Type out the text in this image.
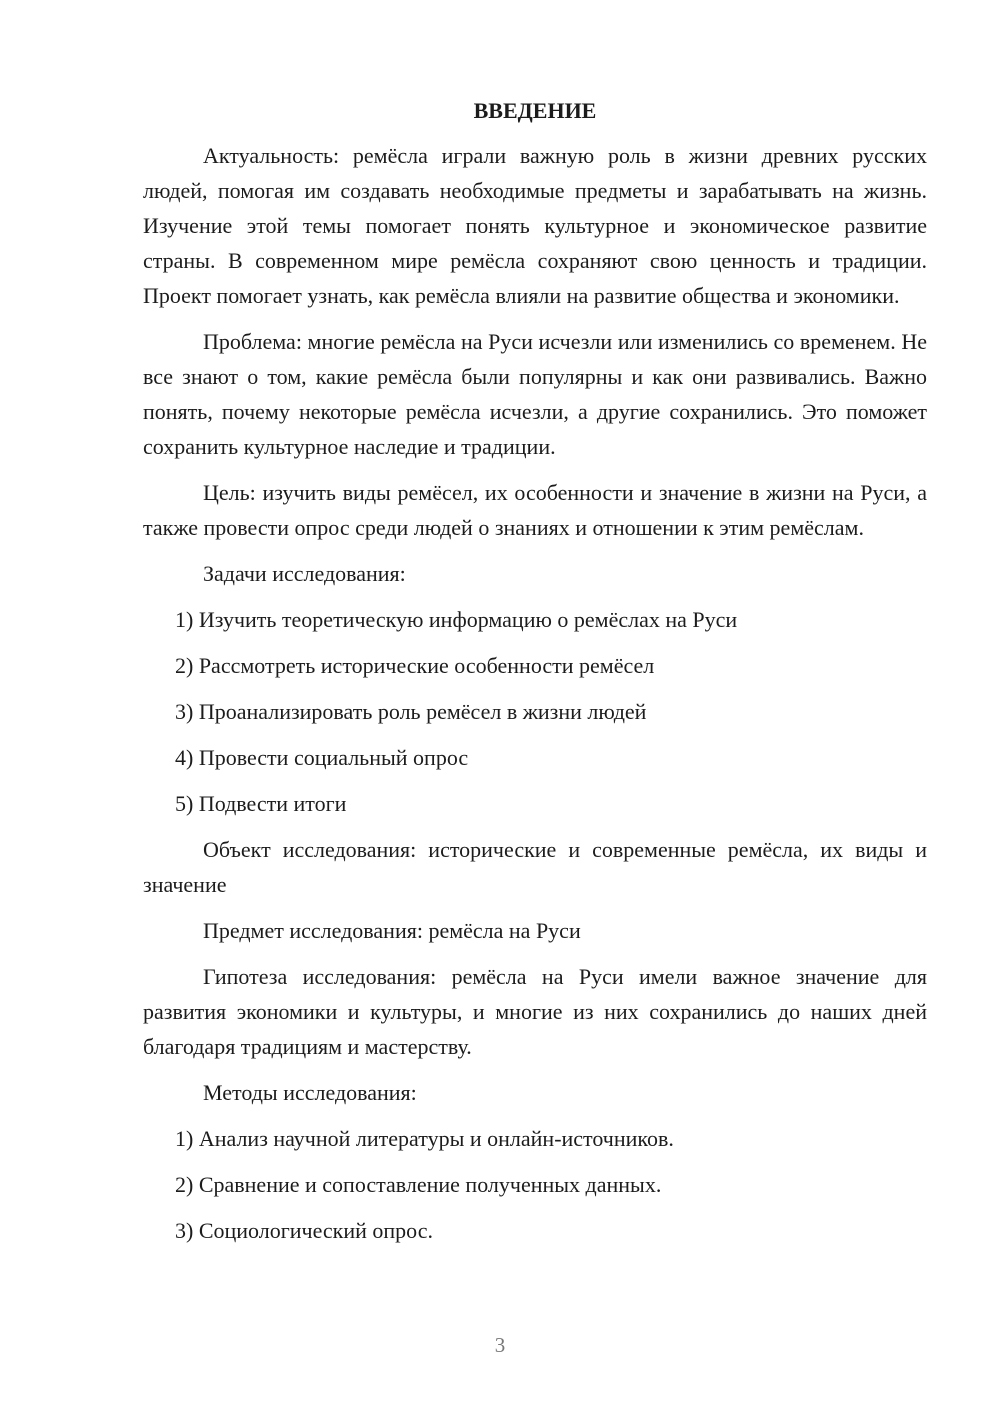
ВВЕДЕНИЕ

Актуальность: ремёсла играли важную роль в жизни древних русских людей, помогая им создавать необходимые предметы и зарабатывать на жизнь. Изучение этой темы помогает понять культурное и экономическое развитие страны. В современном мире ремёсла сохраняют свою ценность и традиции. Проект помогает узнать, как ремёсла влияли на развитие общества и экономики.

Проблема: многие ремёсла на Руси исчезли или изменились со временем. Не все знают о том, какие ремёсла были популярны и как они развивались. Важно понять, почему некоторые ремёсла исчезли, а другие сохранились. Это поможет сохранить культурное наследие и традиции.

Цель: изучить виды ремёсел, их особенности и значение в жизни на Руси, а также провести опрос среди людей о знаниях и отношении к этим ремёслам.

Задачи исследования:

1) Изучить теоретическую информацию о ремёслах на Руси
2) Рассмотреть исторические особенности ремёсел
3) Проанализировать роль ремёсел в жизни людей
4) Провести социальный опрос
5) Подвести итоги

Объект исследования: исторические и современные ремёсла, их виды и значение

Предмет исследования: ремёсла на Руси

Гипотеза исследования: ремёсла на Руси имели важное значение для развития экономики и культуры, и многие из них сохранились до наших дней благодаря традициям и мастерству.

Методы исследования:

1) Анализ научной литературы и онлайн-источников.
2) Сравнение и сопоставление полученных данных.
3) Социологический опрос.
3
